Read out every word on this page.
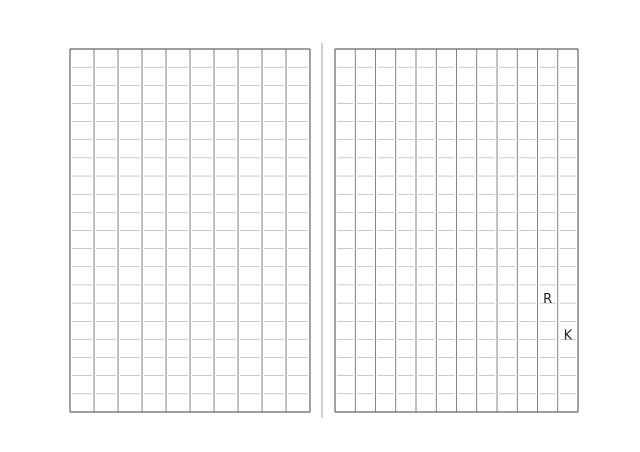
R
K
